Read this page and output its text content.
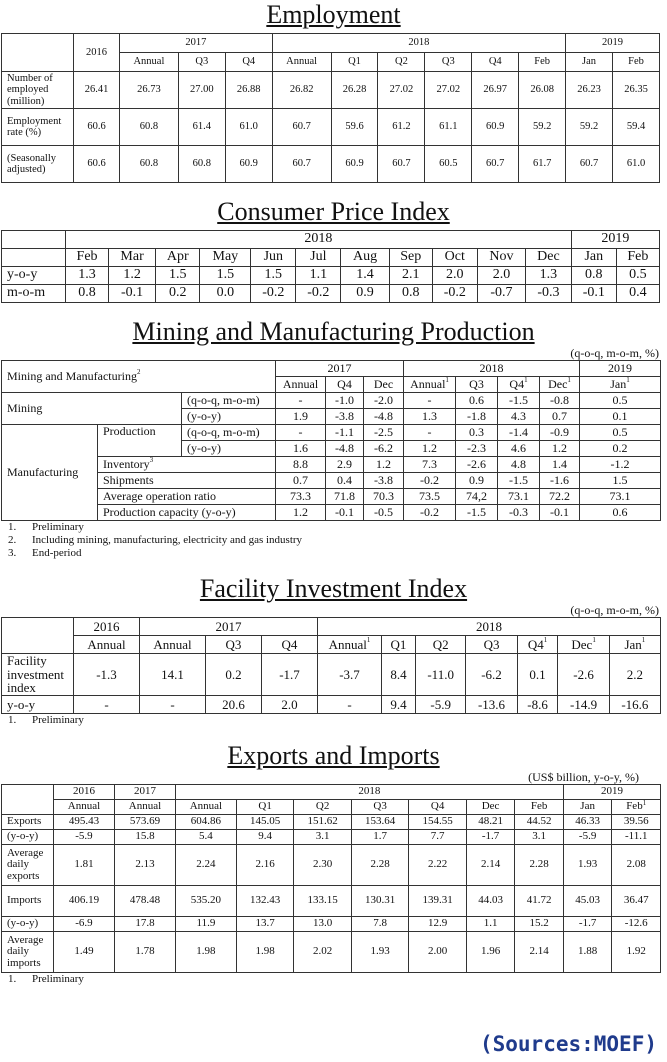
Employment
	2016	2017			2018						2019	
		Annual	Q3	Q4	Annual	Q1	Q2	Q3	Q4	Feb	Jan	Feb
Number of employed (million)	26.41	26.73	27.00	26.88	26.82	26.28	27.02	27.02	26.97	26.08	26.23	26.35
Employment rate (%)	60.6	60.8	61.4	61.0	60.7	59.6	61.2	61.1	60.9	59.2	59.2	59.4
(Seasonally adjusted)	60.6	60.8	60.8	60.9	60.7	60.9	60.7	60.5	60.7	61.7	60.7	61.0
Consumer Price Index
	2018											2019	
	Feb	Mar	Apr	May	Jun	Jul	Aug	Sep	Oct	Nov	Dec	Jan	Feb
y-o-y	1.3	1.2	1.5	1.5	1.5	1.1	1.4	2.1	2.0	2.0	1.3	0.8	0.5
m-o-m	0.8	-0.1	0.2	0.0	-0.2	-0.2	0.9	0.8	-0.2	-0.7	-0.3	-0.1	0.4
Mining and Manufacturing Production
(q-o-q, m-o-m, %)
Mining and Manufacturing$^2$			2017			2018				2019
			Annual	Q4	Dec	Annual$^1$	Q3	$Q4^1$	Dec$^1$	Jan$^1$
Mining		(q-o-q, m-o-m)	-	-1.0	-2.0	-	0.6	-1.5	-0.8	0.5
		(y-o-y)	1.9	-3.8	-4.8	1.3	-1.8	4.3	0.7	0.1
Manufacturing	Production	(q-o-q, m-o-m)	-	-1.1	-2.5	-	0.3	-1.4	-0.9	0.5
		(y-o-y)	1.6	-4.8	-6.2	1.2	-2.3	4.6	1.2	0.2
	Inventory$^3$		8.8	2.9	1.2	7.3	-2.6	4.8	1.4	-1.2
	Shipments		0.7	0.4	-3.8	-0.2	0.9	-1.5	-1.6	1.5
	Average operation ratio		73.3	71.8	70.3	73.5	74,2	73.1	72.2	73.1
	Production capacity (y-o-y)		1.2	-0.1	-0.5	-0.2	-1.5	-0.3	-0.1	0.6
1.	Preliminary
2.	Including mining, manufacturing, electricity and gas industry
3.	End-period
Facility Investment Index
(q-o-q, m-o-m, %)
	2016	2017			2018						
	Annual	Annual	Q3	Q4	Annual$^1$	Q1	Q2	Q3	$Q4^1$	Dec$^1$	Jan$^1$
Facility investment index	-1.3	14.1	0.2	-1.7	-3.7	8.4	-11.0	-6.2	0.1	-2.6	2.2
y-o-y	-	-	20.6	2.0	-	9.4	-5.9	-13.6	-8.6	-14.9	-16.6
1.	Preliminary
Exports and Imports
(US$ billion, y-o-y, %)
	2016	2017	2018							2019	
	Annual	Annual	Annual	Q1	Q2	Q3	Q4	Dec	Feb	Jan	Feb$^1$
Exports	495.43	573.69	604.86	145.05	151.62	153.64	154.55	48.21	44.52	46.33	39.56
(y-o-y)	-5.9	15.8	5.4	9.4	3.1	1.7	7.7	-1.7	3.1	-5.9	-11.1
Average daily exports	1.81	2.13	2.24	2.16	2.30	2.28	2.22	2.14	2.28	1.93	2.08
Imports	406.19	478.48	535.20	132.43	133.15	130.31	139.31	44.03	41.72	45.03	36.47
(y-o-y)	-6.9	17.8	11.9	13.7	13.0	7.8	12.9	1.1	15.2	-1.7	-12.6
Average daily imports	1.49	1.78	1.98	1.98	2.02	1.93	2.00	1.96	2.14	1.88	1.92
1.	Preliminary
(Sources:MOEF)
